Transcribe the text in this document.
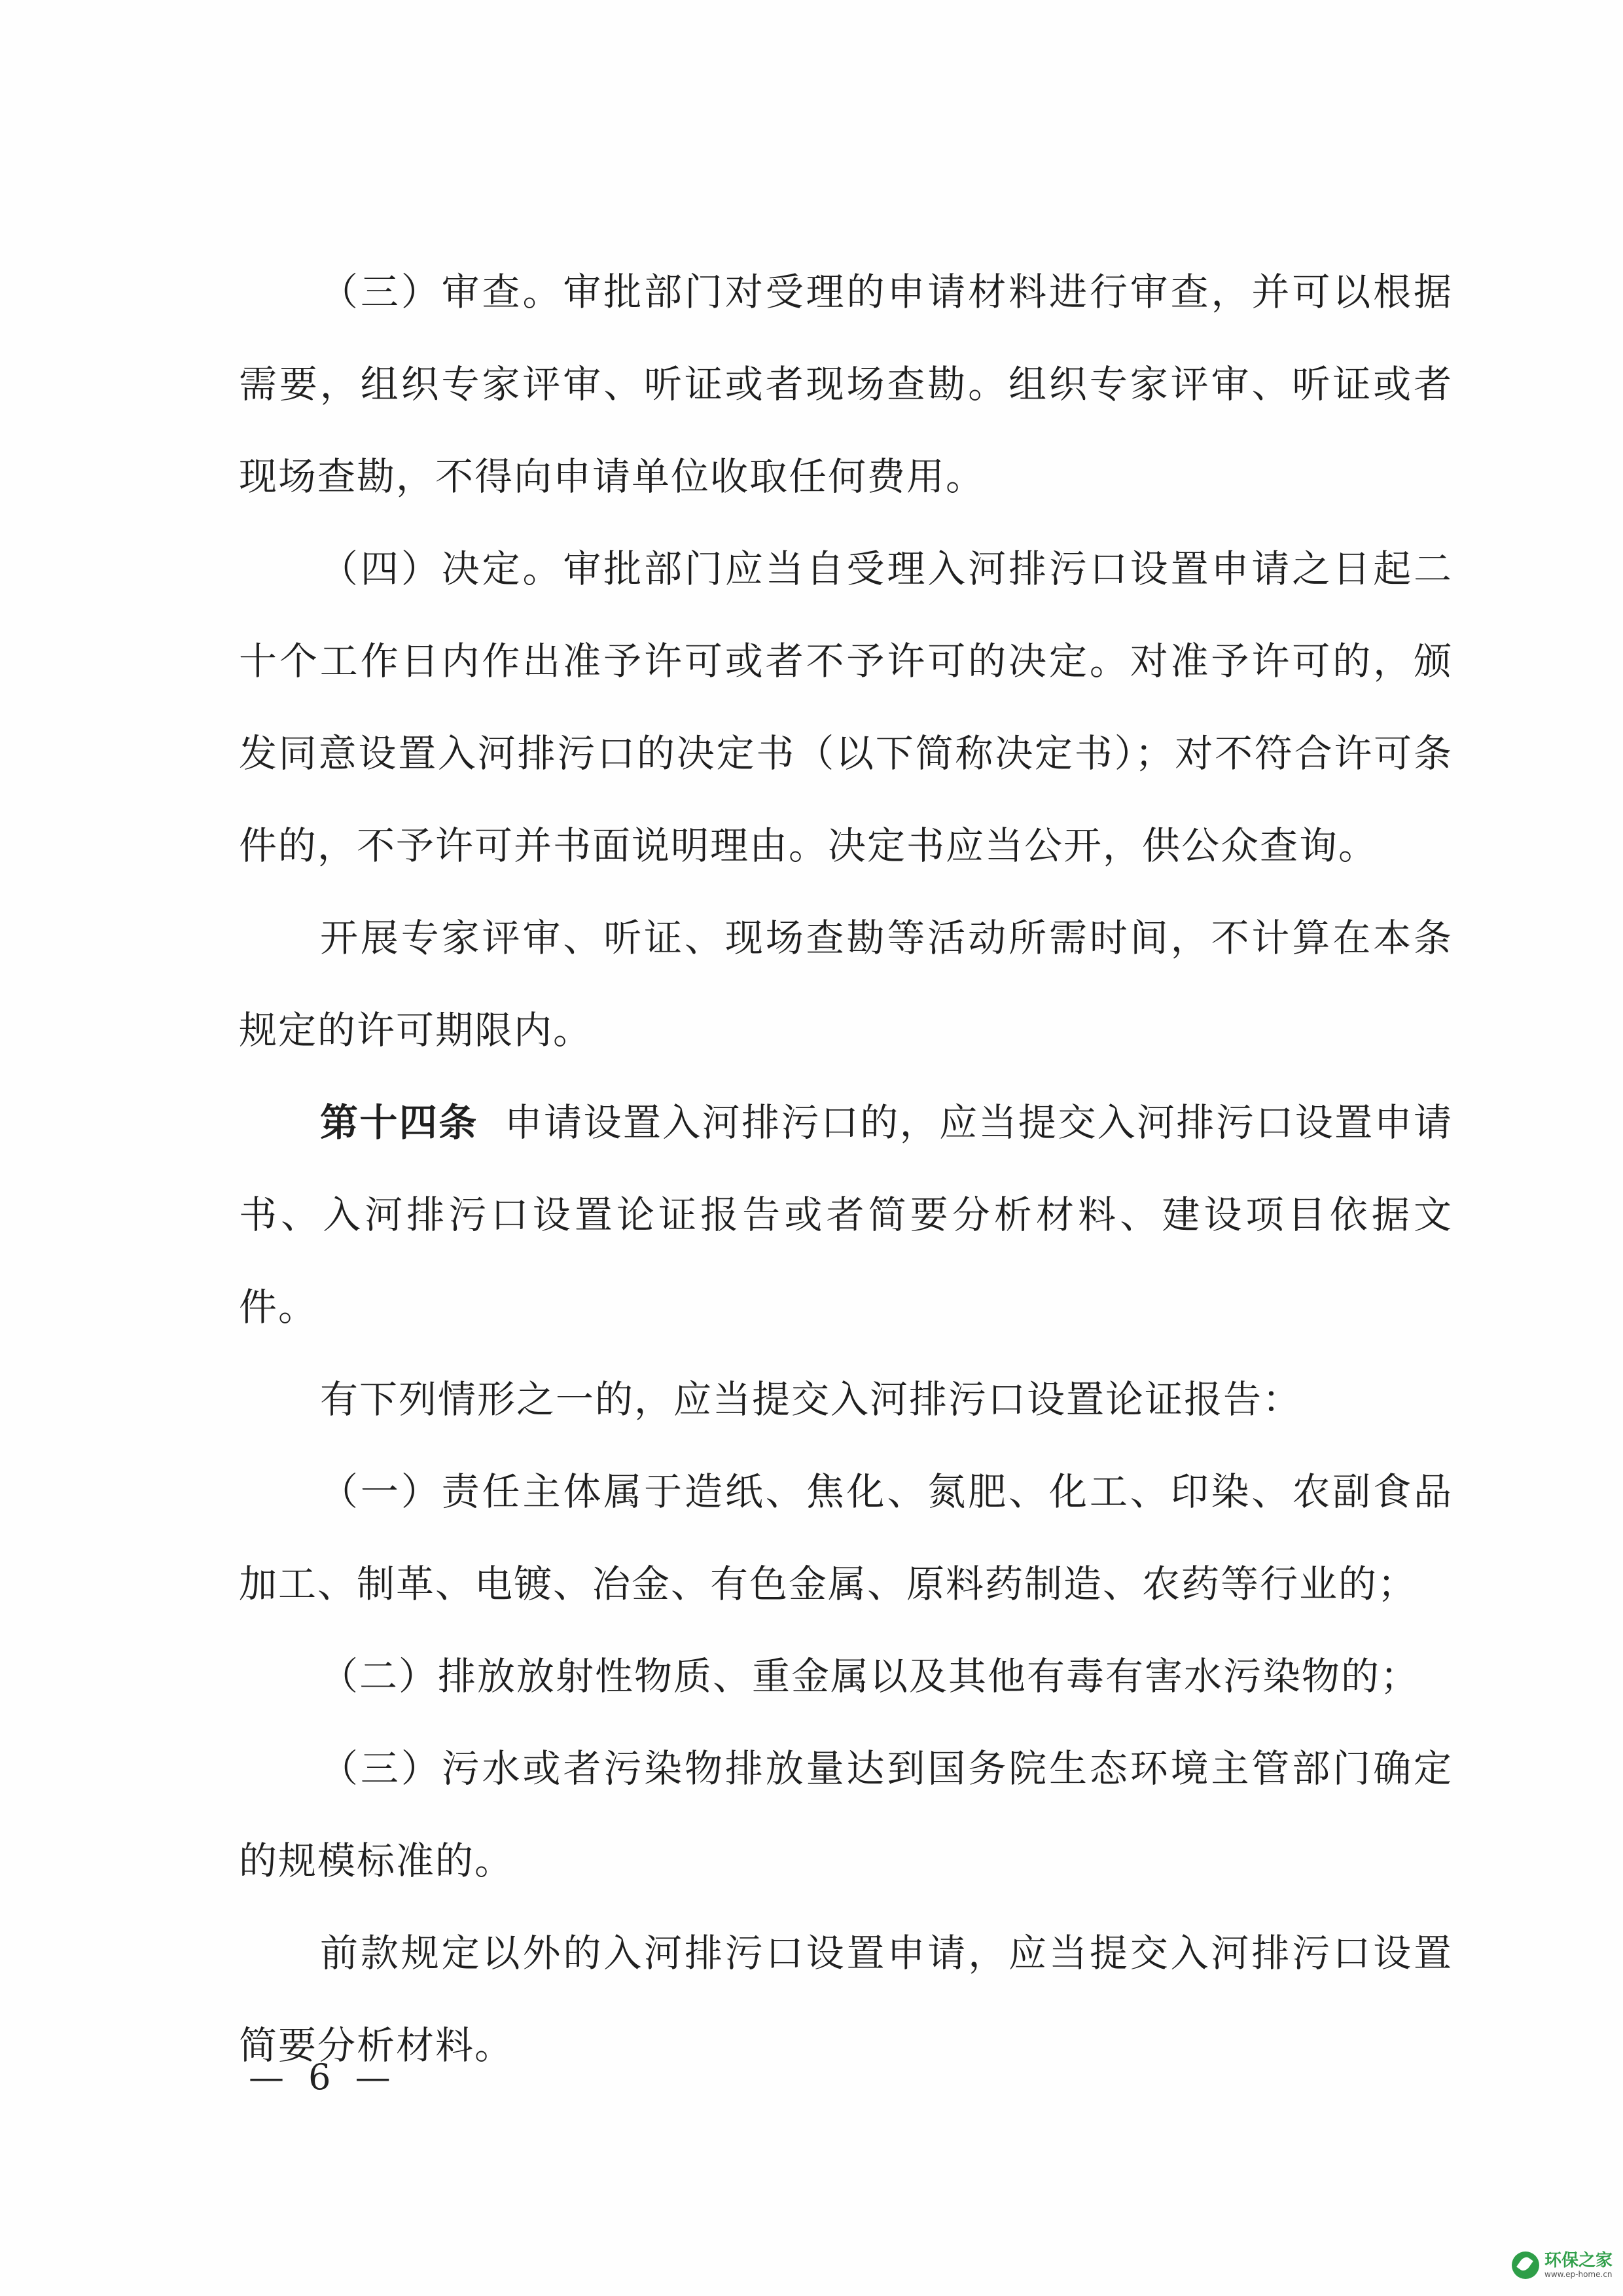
（三）审查。审批部门对受理的申请材料进行审查，并可以根据需要，组织专家评审、听证或者现场查勘。组织专家评审、听证或者现场查勘，不得向申请单位收取任何费用。

（四）决定。审批部门应当自受理入河排污口设置申请之日起二十个工作日内作出准予许可或者不予许可的决定。对准予许可的，颁发同意设置入河排污口的决定书（以下简称决定书）；对不符合许可条件的，不予许可并书面说明理由。决定书应当公开，供公众查询。

开展专家评审、听证、现场查勘等活动所需时间，不计算在本条规定的许可期限内。

第十四条 申请设置入河排污口的，应当提交入河排污口设置申请书、入河排污口设置论证报告或者简要分析材料、建设项目依据文件。

有下列情形之一的，应当提交入河排污口设置论证报告：

（一）责任主体属于造纸、焦化、氮肥、化工、印染、农副食品加工、制革、电镀、冶金、有色金属、原料药制造、农药等行业的；

（二）排放放射性物质、重金属以及其他有毒有害水污染物的；

（三）污水或者污染物排放量达到国务院生态环境主管部门确定的规模标准的。

前款规定以外的入河排污口设置申请，应当提交入河排污口设置简要分析材料。

— 6 —
环保之家
www.ep-home.cn
